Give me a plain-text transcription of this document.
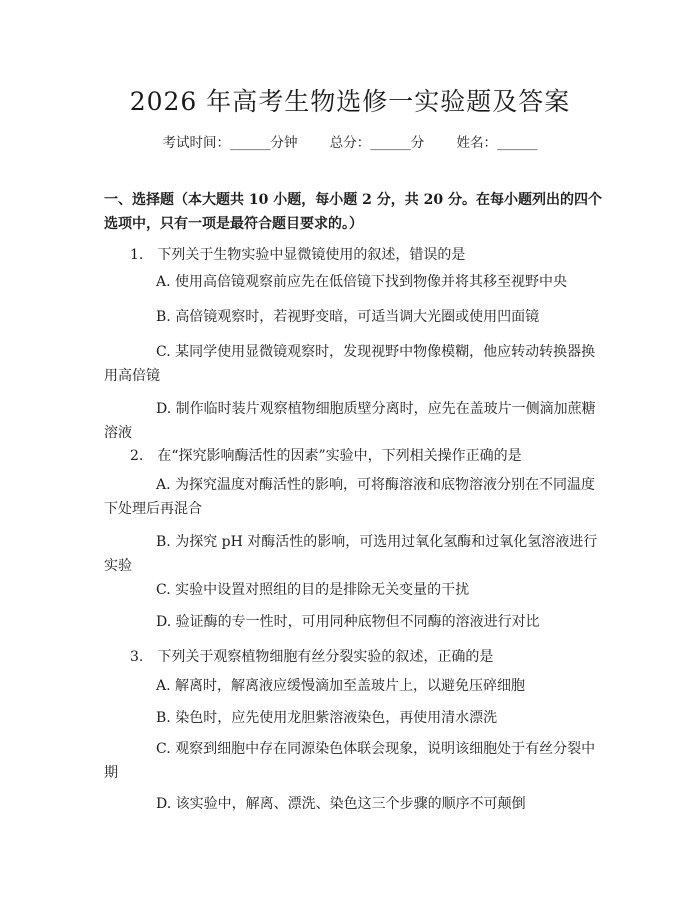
2026 年高考生物选修一实验题及答案
考试时间：______分钟 总分：______分 姓名：______

一、选择题（本大题共 10 小题，每小题 2 分，共 20 分。在每小题列出的四个选项中，只有一项是最符合题目要求的。）

1.　下列关于生物实验中显微镜使用的叙述，错误的是
A. 使用高倍镜观察前应先在低倍镜下找到物像并将其移至视野中央
B. 高倍镜观察时，若视野变暗，可适当调大光圈或使用凹面镜
C. 某同学使用显微镜观察时，发现视野中物像模糊，他应转动转换器换用高倍镜
D. 制作临时装片观察植物细胞质壁分离时，应先在盖玻片一侧滴加蔗糖溶液
2.　在“探究影响酶活性的因素”实验中，下列相关操作正确的是
A. 为探究温度对酶活性的影响，可将酶溶液和底物溶液分别在不同温度下处理后再混合
B. 为探究 pH 对酶活性的影响，可选用过氧化氢酶和过氧化氢溶液进行实验
C. 实验中设置对照组的目的是排除无关变量的干扰
D. 验证酶的专一性时，可用同种底物但不同酶的溶液进行对比
3.　下列关于观察植物细胞有丝分裂实验的叙述，正确的是
A. 解离时，解离液应缓慢滴加至盖玻片上，以避免压碎细胞
B. 染色时，应先使用龙胆紫溶液染色，再使用清水漂洗
C. 观察到细胞中存在同源染色体联会现象，说明该细胞处于有丝分裂中期
D. 该实验中，解离、漂洗、染色这三个步骤的顺序不可颠倒
